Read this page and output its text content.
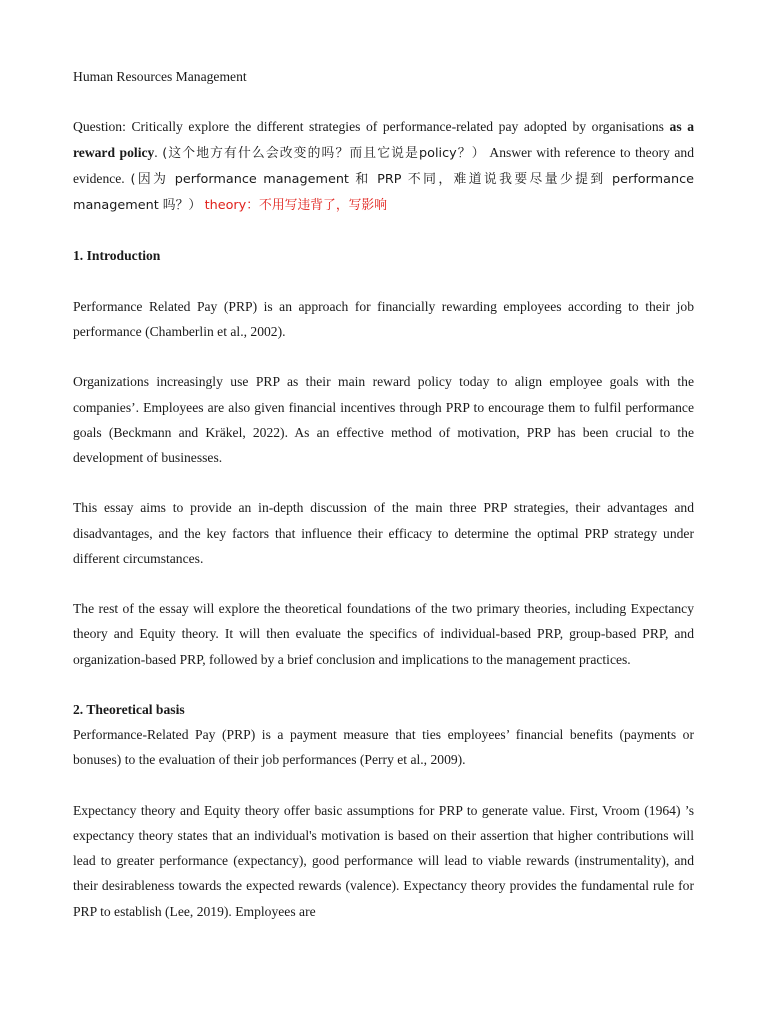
Human Resources Management

Question: Critically explore the different strategies of performance-related pay adopted by organisations as a reward policy. (这个地方有什么会改变的吗？而且它说是policy？） Answer with reference to theory and evidence. (因为 performance management 和 PRP 不同，难道说我要尽量少提到 performance management 吗？） theory：不用写违背了，写影响

1. Introduction

Performance Related Pay (PRP) is an approach for financially rewarding employees according to their job performance (Chamberlin et al., 2002).

Organizations increasingly use PRP as their main reward policy today to align employee goals with the companies’. Employees are also given financial incentives through PRP to encourage them to fulfil performance goals (Beckmann and Kräkel, 2022). As an effective method of motivation, PRP has been crucial to the development of businesses.

This essay aims to provide an in-depth discussion of the main three PRP strategies, their advantages and disadvantages, and the key factors that influence their efficacy to determine the optimal PRP strategy under different circumstances.

The rest of the essay will explore the theoretical foundations of the two primary theories, including Expectancy theory and Equity theory. It will then evaluate the specifics of individual-based PRP, group-based PRP, and organization-based PRP, followed by a brief conclusion and implications to the management practices.

2. Theoretical basis

Performance-Related Pay (PRP) is a payment measure that ties employees’ financial benefits (payments or bonuses) to the evaluation of their job performances (Perry et al., 2009).

Expectancy theory and Equity theory offer basic assumptions for PRP to generate value. First, Vroom (1964) ’s expectancy theory states that an individual's motivation is based on their assertion that higher contributions will lead to greater performance (expectancy), good performance will lead to viable rewards (instrumentality), and their desirableness towards the expected rewards (valence). Expectancy theory provides the fundamental rule for PRP to establish (Lee, 2019). Employees are
